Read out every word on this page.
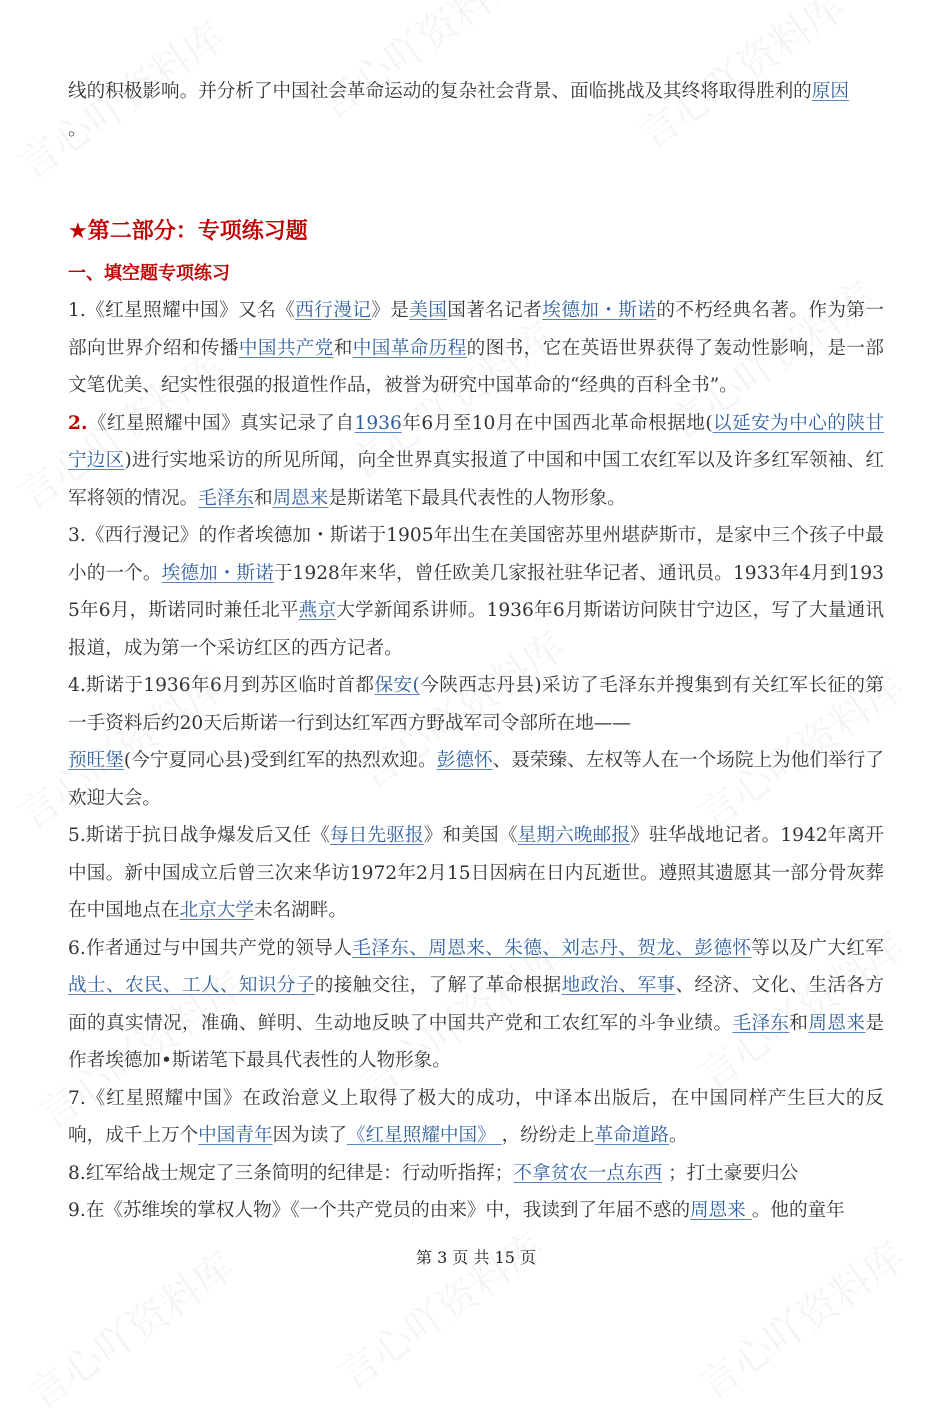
线的积极影响。并分析了中国社会革命运动的复杂社会背景、面临挑战及其终将取得胜利的原因
。

★第二部分：专项练习题
一、填空题专项练习

1.《红星照耀中国》又名《西行漫记》是美国国著名记者埃德加・斯诺的不朽经典名著。作为第一部向世界介绍和传播中国共产党和中国革命历程的图书，它在英语世界获得了轰动性影响，是一部文笔优美、纪实性很强的报道性作品，被誉为研究中国革命的“经典的百科全书”。

2.《红星照耀中国》真实记录了自1936年6月至10月在中国西北革命根据地(以延安为中心的陕甘宁边区)进行实地采访的所见所闻，向全世界真实报道了中国和中国工农红军以及许多红军领袖、红军将领的情况。毛泽东和周恩来是斯诺笔下最具代表性的人物形象。

3.《西行漫记》的作者埃德加・斯诺于1905年出生在美国密苏里州堪萨斯市，是家中三个孩子中最小的一个。埃德加・斯诺于1928年来华，曾任欧美几家报社驻华记者、通讯员。1933年4月到1935年6月，斯诺同时兼任北平燕京大学新闻系讲师。1936年6月斯诺访问陕甘宁边区，写了大量通讯报道，成为第一个采访红区的西方记者。

4.斯诺于1936年6月到苏区临时首都保安(今陕西志丹县)采访了毛泽东并搜集到有关红军长征的第一手资料后约20天后斯诺一行到达红军西方野战军司令部所在地——
预旺堡(今宁夏同心县)受到红军的热烈欢迎。彭德怀、聂荣臻、左权等人在一个场院上为他们举行了欢迎大会。

5.斯诺于抗日战争爆发后又任《每日先驱报》和美国《星期六晚邮报》驻华战地记者。1942年离开中国。新中国成立后曾三次来华访1972年2月15日因病在日内瓦逝世。遵照其遗愿其一部分骨灰葬在中国地点在北京大学未名湖畔。

6.作者通过与中国共产党的领导人毛泽东、周恩来、朱德、刘志丹、贺龙、彭德怀等以及广大红军战士、农民、工人、知识分子的接触交往，了解了革命根据地政治、军事、经济、文化、生活各方面的真实情况，准确、鲜明、生动地反映了中国共产党和工农红军的斗争业绩。毛泽东和周恩来是作者埃德加•斯诺笔下最具代表性的人物形象。

7.《红星照耀中国》在政治意义上取得了极大的成功，中译本出版后，在中国同样产生巨大的反响，成千上万个中国青年因为读了《红星照耀中国》 ，纷纷走上革命道路。

8.红军给战士规定了三条简明的纪律是：行动听指挥；不拿贫农一点东西 ；打土豪要归公

9.在《苏维埃的掌权人物》《一个共产党员的由来》中，我读到了年届不惑的周恩来 。他的童年

第 3 页 共 15 页
